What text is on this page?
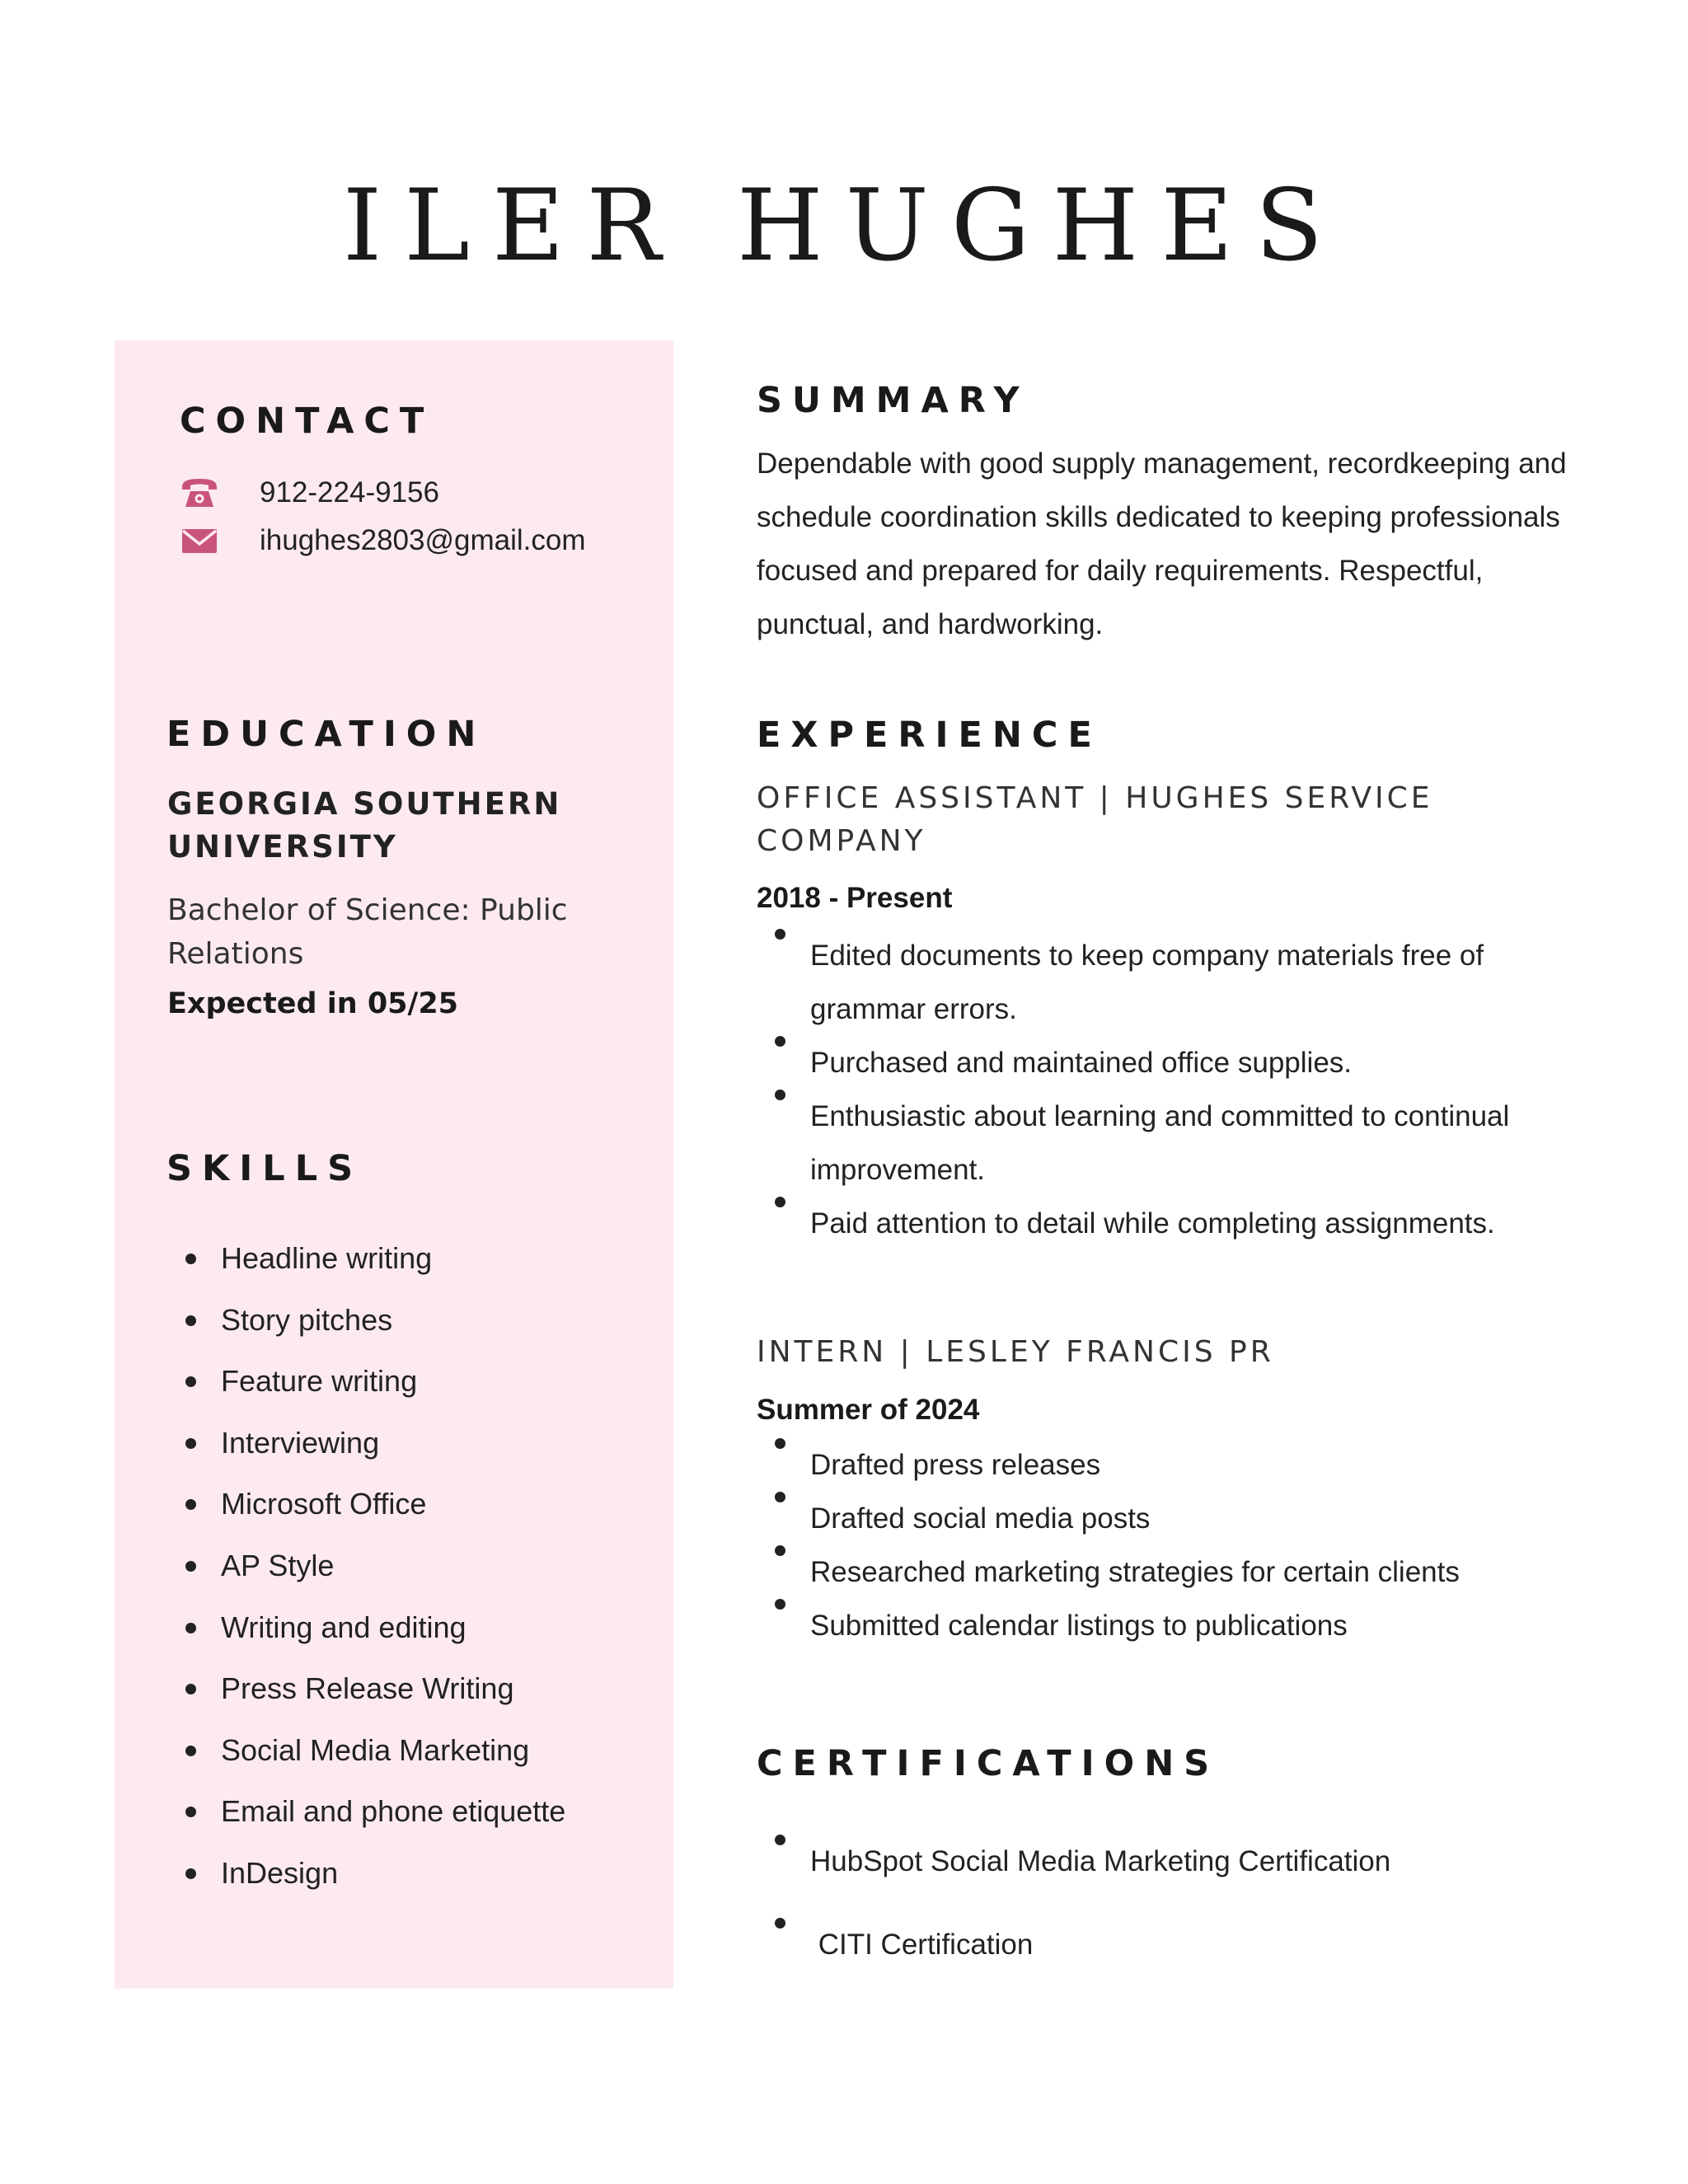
ILER HUGHES
CONTACT
912-224-9156
ihughes2803@gmail.com
EDUCATION
GEORGIA SOUTHERN UNIVERSITY
Bachelor of Science: Public Relations
Expected in 05/25
SKILLS
Headline writing
Story pitches
Feature writing
Interviewing
Microsoft Office
AP Style
Writing and editing
Press Release Writing
Social Media Marketing
Email and phone etiquette
InDesign
SUMMARY
Dependable with good supply management, recordkeeping and schedule coordination skills dedicated to keeping professionals focused and prepared for daily requirements. Respectful, punctual, and hardworking.
EXPERIENCE
OFFICE ASSISTANT | HUGHES SERVICE COMPANY
2018 - Present
Edited documents to keep company materials free of grammar errors.
Purchased and maintained office supplies.
Enthusiastic about learning and committed to continual improvement.
Paid attention to detail while completing assignments.
INTERN | LESLEY FRANCIS PR
Summer of 2024
Drafted press releases
Drafted social media posts
Researched marketing strategies for certain clients
Submitted calendar listings to publications
CERTIFICATIONS

HubSpot Social Media Marketing Certification

CITI Certification
